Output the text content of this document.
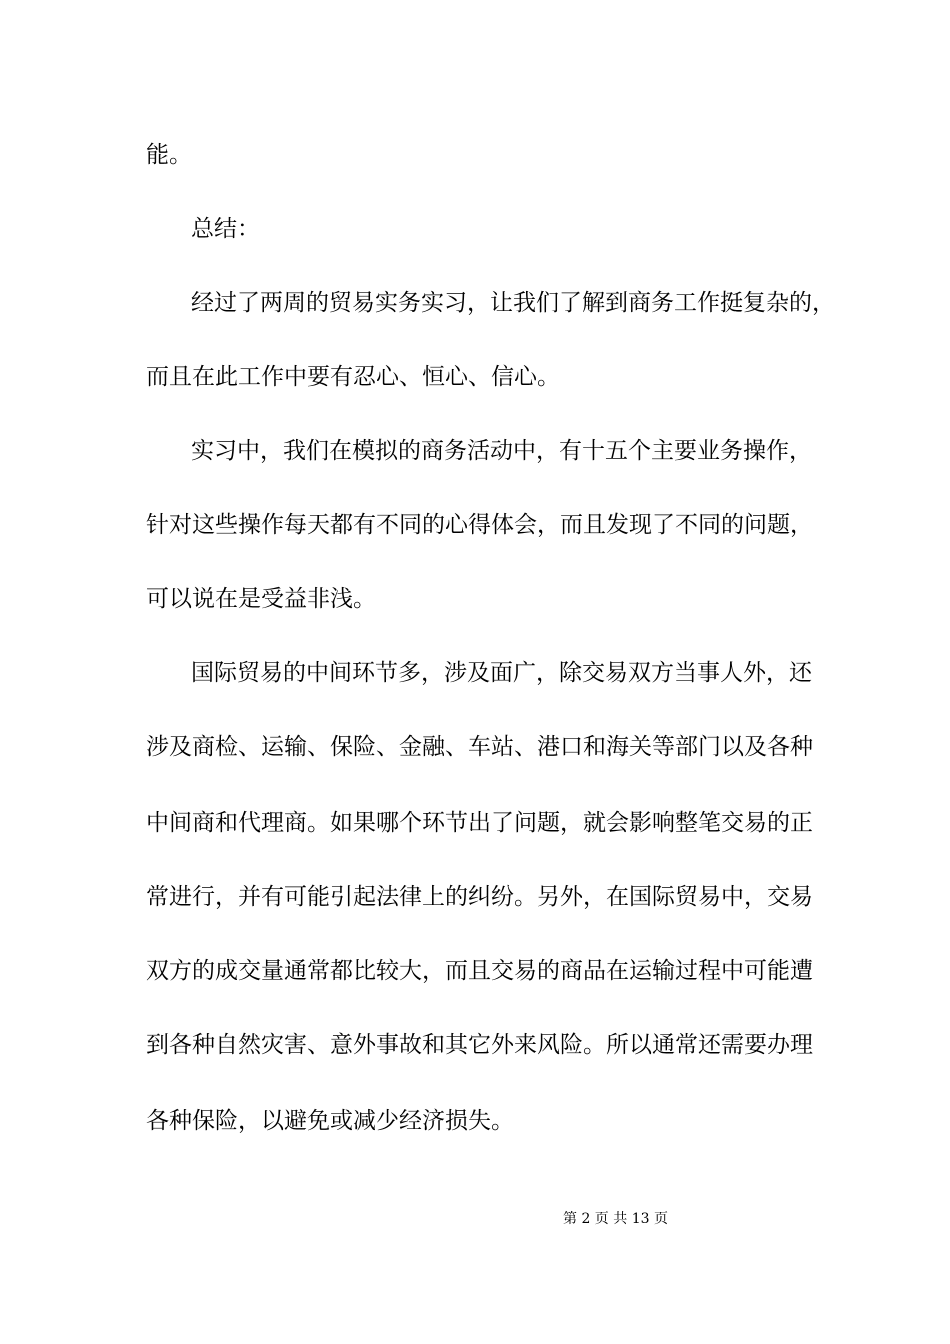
能。

总结：

经过了两周的贸易实务实习，让我们了解到商务工作挺复杂的，

而且在此工作中要有忍心、恒心、信心。

实习中，我们在模拟的商务活动中，有十五个主要业务操作，

针对这些操作每天都有不同的心得体会，而且发现了不同的问题，

可以说在是受益非浅。

国际贸易的中间环节多，涉及面广，除交易双方当事人外，还

涉及商检、运输、保险、金融、车站、港口和海关等部门以及各种

中间商和代理商。如果哪个环节出了问题，就会影响整笔交易的正

常进行，并有可能引起法律上的纠纷。另外，在国际贸易中，交易

双方的成交量通常都比较大，而且交易的商品在运输过程中可能遭

到各种自然灾害、意外事故和其它外来风险。所以通常还需要办理

各种保险，以避免或减少经济损失。

第 2 页 共 13 页
